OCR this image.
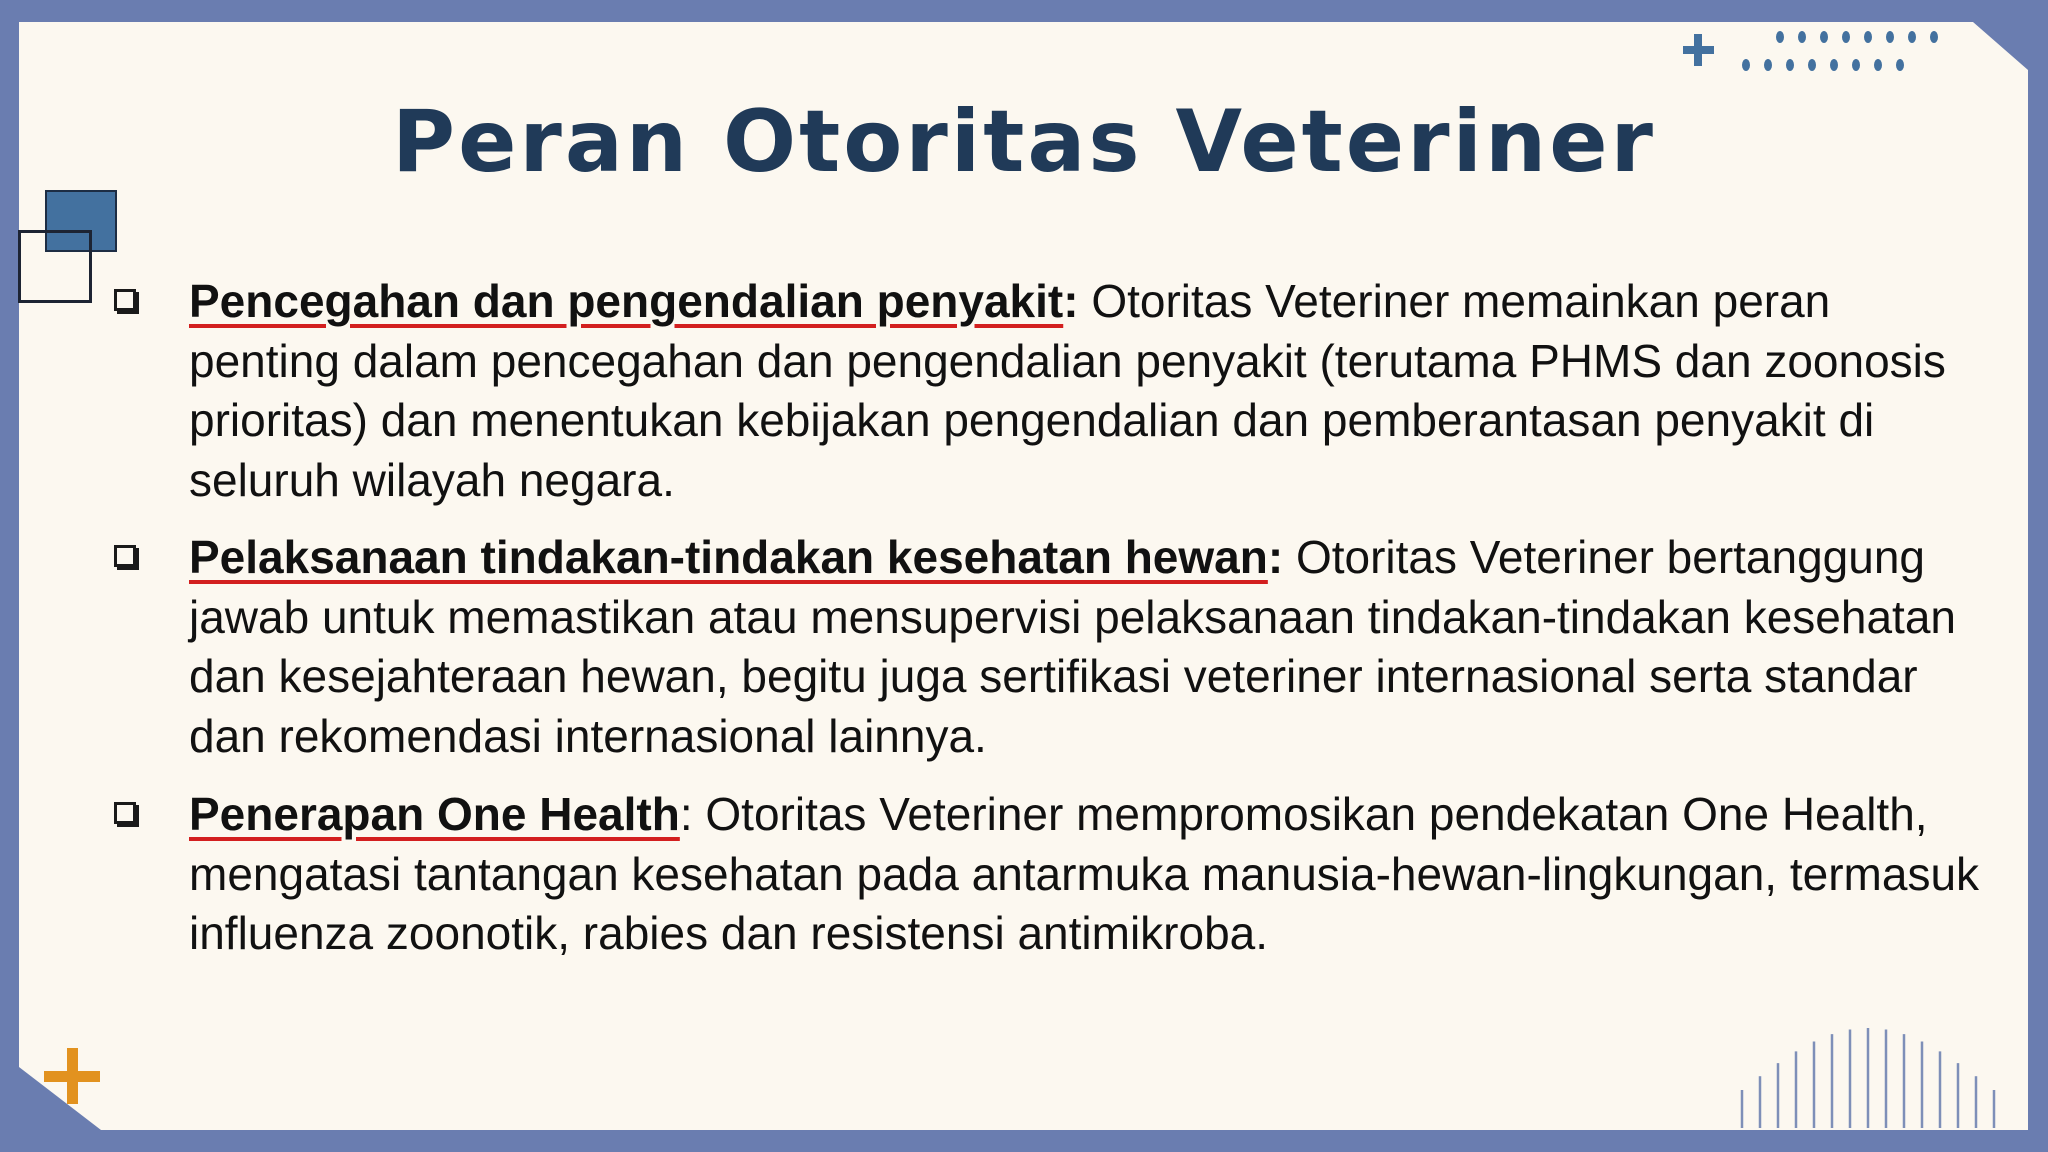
Peran Otoritas Veteriner
Pencegahan dan pengendalian penyakit: Otoritas Veteriner memainkan peran penting dalam pencegahan dan pengendalian penyakit (terutama PHMS dan zoonosis prioritas) dan menentukan kebijakan pengendalian dan pemberantasan penyakit di seluruh wilayah negara.
Pelaksanaan tindakan-tindakan kesehatan hewan: Otoritas Veteriner bertanggung jawab untuk memastikan atau mensupervisi pelaksanaan tindakan-tindakan kesehatan dan kesejahteraan hewan, begitu juga sertifikasi veteriner internasional serta standar dan rekomendasi internasional lainnya.
Penerapan One Health: Otoritas Veteriner mempromosikan pendekatan One Health, mengatasi tantangan kesehatan pada antarmuka manusia-hewan-lingkungan, termasuk influenza zoonotik, rabies dan resistensi antimikroba.
